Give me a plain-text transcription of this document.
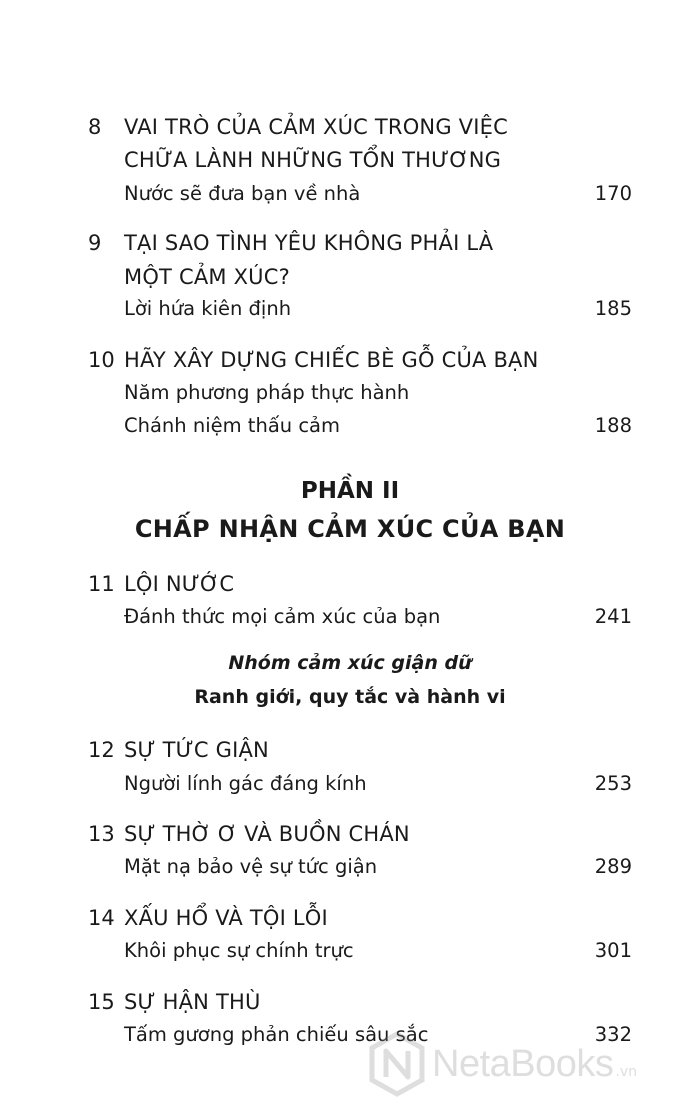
8 VAI TRÒ CỦA CẢM XÚC TRONG VIỆC
CHỮA LÀNH NHỮNG TỔN THƯƠNG
Nước sẽ đưa bạn về nhà	170
9 TẠI SAO TÌNH YÊU KHÔNG PHẢI LÀ
MỘT CẢM XÚC?
Lời hứa kiên định	185
10 HÃY XÂY DỰNG CHIẾC BÈ GỖ CỦA BẠN
Năm phương pháp thực hành
Chánh niệm thấu cảm	188
PHẦN II
CHẤP NHẬN CẢM XÚC CỦA BẠN
11 LỘI NƯỚC
Đánh thức mọi cảm xúc của bạn	241
Nhóm cảm xúc giận dữ
Ranh giới, quy tắc và hành vi
12 SỰ TỨC GIẬN
Người lính gác đáng kính	253
13 SỰ THỜ Ơ VÀ BUỒN CHÁN
Mặt nạ bảo vệ sự tức giận	289
14 XẤU HỔ VÀ TỘI LỖI
Khôi phục sự chính trực	301
15 SỰ HẬN THÙ
Tấm gương phản chiếu sâu sắc	332
NetaBooks .vn
